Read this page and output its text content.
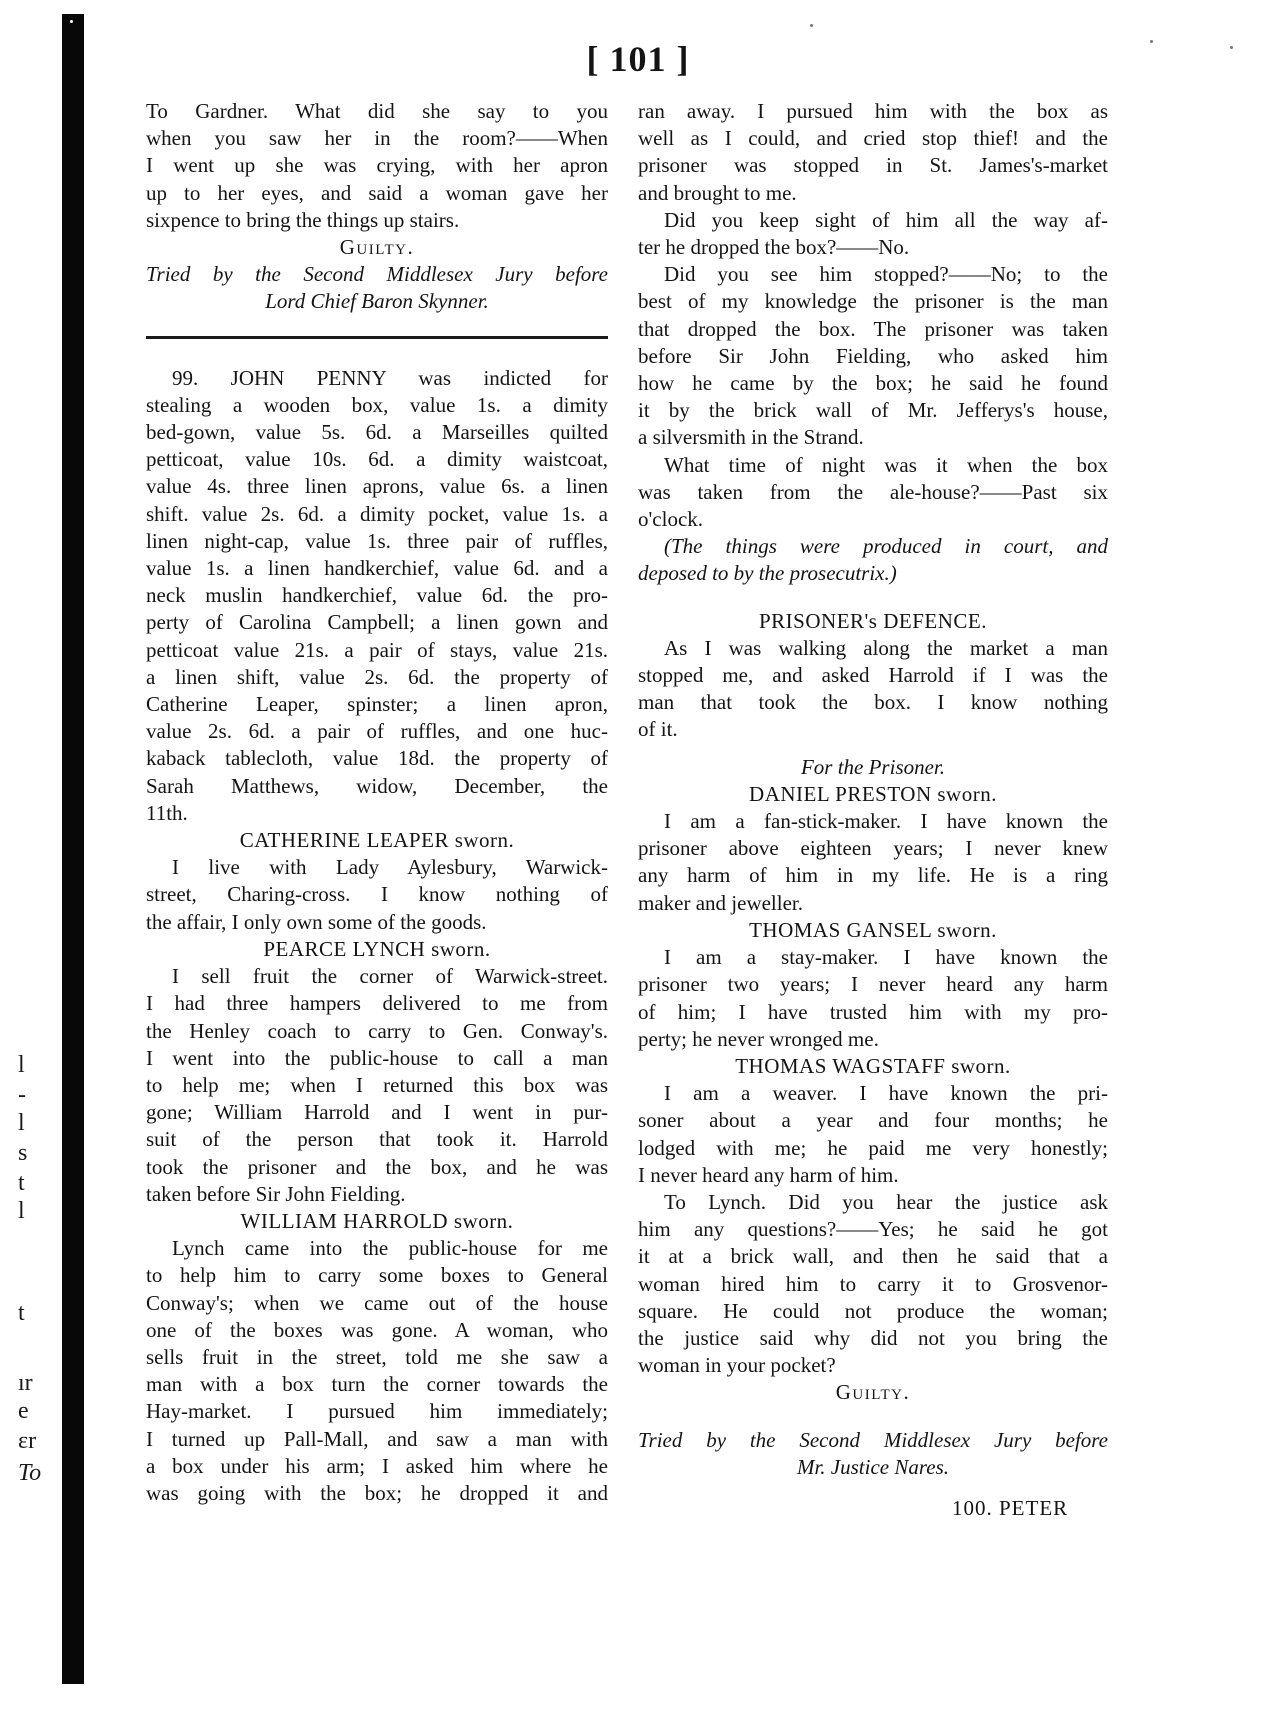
l
-
l
s
t
l
t
ır
e
ɛr
To
[ 101 ]
To Gardner. What did she say to you
when you saw her in the room?——When
I went up she was crying, with her apron
up to her eyes, and said a woman gave her
sixpence to bring the things up stairs.
Guilty.
Tried by the Second Middlesex Jury before
Lord Chief Baron Skynner.
99. JOHN PENNY was indicted for
stealing a wooden box, value 1s. a dimity
bed-gown, value 5s. 6d. a Marseilles quilted
petticoat, value 10s. 6d. a dimity waistcoat,
value 4s. three linen aprons, value 6s. a linen
shift. value 2s. 6d. a dimity pocket, value 1s. a
linen night-cap, value 1s. three pair of ruffles,
value 1s. a linen handkerchief, value 6d. and a
neck muslin handkerchief, value 6d. the pro-
perty of Carolina Campbell; a linen gown and
petticoat value 21s. a pair of stays, value 21s.
a linen shift, value 2s. 6d. the property of
Catherine Leaper, spinster; a linen apron,
value 2s. 6d. a pair of ruffles, and one huc-
kaback tablecloth, value 18d. the property of
Sarah Matthews, widow, December, the
11th.
CATHERINE LEAPER sworn.
I live with Lady Aylesbury, Warwick-
street, Charing-cross. I know nothing of
the affair, I only own some of the goods.
PEARCE LYNCH sworn.
I sell fruit the corner of Warwick-street.
I had three hampers delivered to me from
the Henley coach to carry to Gen. Conway's.
I went into the public-house to call a man
to help me; when I returned this box was
gone; William Harrold and I went in pur-
suit of the person that took it. Harrold
took the prisoner and the box, and he was
taken before Sir John Fielding.
WILLIAM HARROLD sworn.
Lynch came into the public-house for me
to help him to carry some boxes to General
Conway's; when we came out of the house
one of the boxes was gone. A woman, who
sells fruit in the street, told me she saw a
man with a box turn the corner towards the
Hay-market. I pursued him immediately;
I turned up Pall-Mall, and saw a man with
a box under his arm; I asked him where he
was going with the box; he dropped it and
ran away. I pursued him with the box as
well as I could, and cried stop thief! and the
prisoner was stopped in St. James's-market
and brought to me.
Did you keep sight of him all the way af-
ter he dropped the box?——No.
Did you see him stopped?——No; to the
best of my knowledge the prisoner is the man
that dropped the box. The prisoner was taken
before Sir John Fielding, who asked him
how he came by the box; he said he found
it by the brick wall of Mr. Jefferys's house,
a silversmith in the Strand.
What time of night was it when the box
was taken from the ale-house?——Past six
o'clock.
(The things were produced in court, and
deposed to by the prosecutrix.)
PRISONER's DEFENCE.
As I was walking along the market a man
stopped me, and asked Harrold if I was the
man that took the box. I know nothing
of it.
For the Prisoner.
DANIEL PRESTON sworn.
I am a fan-stick-maker. I have known the
prisoner above eighteen years; I never knew
any harm of him in my life. He is a ring
maker and jeweller.
THOMAS GANSEL sworn.
I am a stay-maker. I have known the
prisoner two years; I never heard any harm
of him; I have trusted him with my pro-
perty; he never wronged me.
THOMAS WAGSTAFF sworn.
I am a weaver. I have known the pri-
soner about a year and four months; he
lodged with me; he paid me very honestly;
I never heard any harm of him.
To Lynch. Did you hear the justice ask
him any questions?——Yes; he said he got
it at a brick wall, and then he said that a
woman hired him to carry it to Grosvenor-
square. He could not produce the woman;
the justice said why did not you bring the
woman in your pocket?
Guilty.
Tried by the Second Middlesex Jury before
Mr. Justice Nares.
100. PETER
